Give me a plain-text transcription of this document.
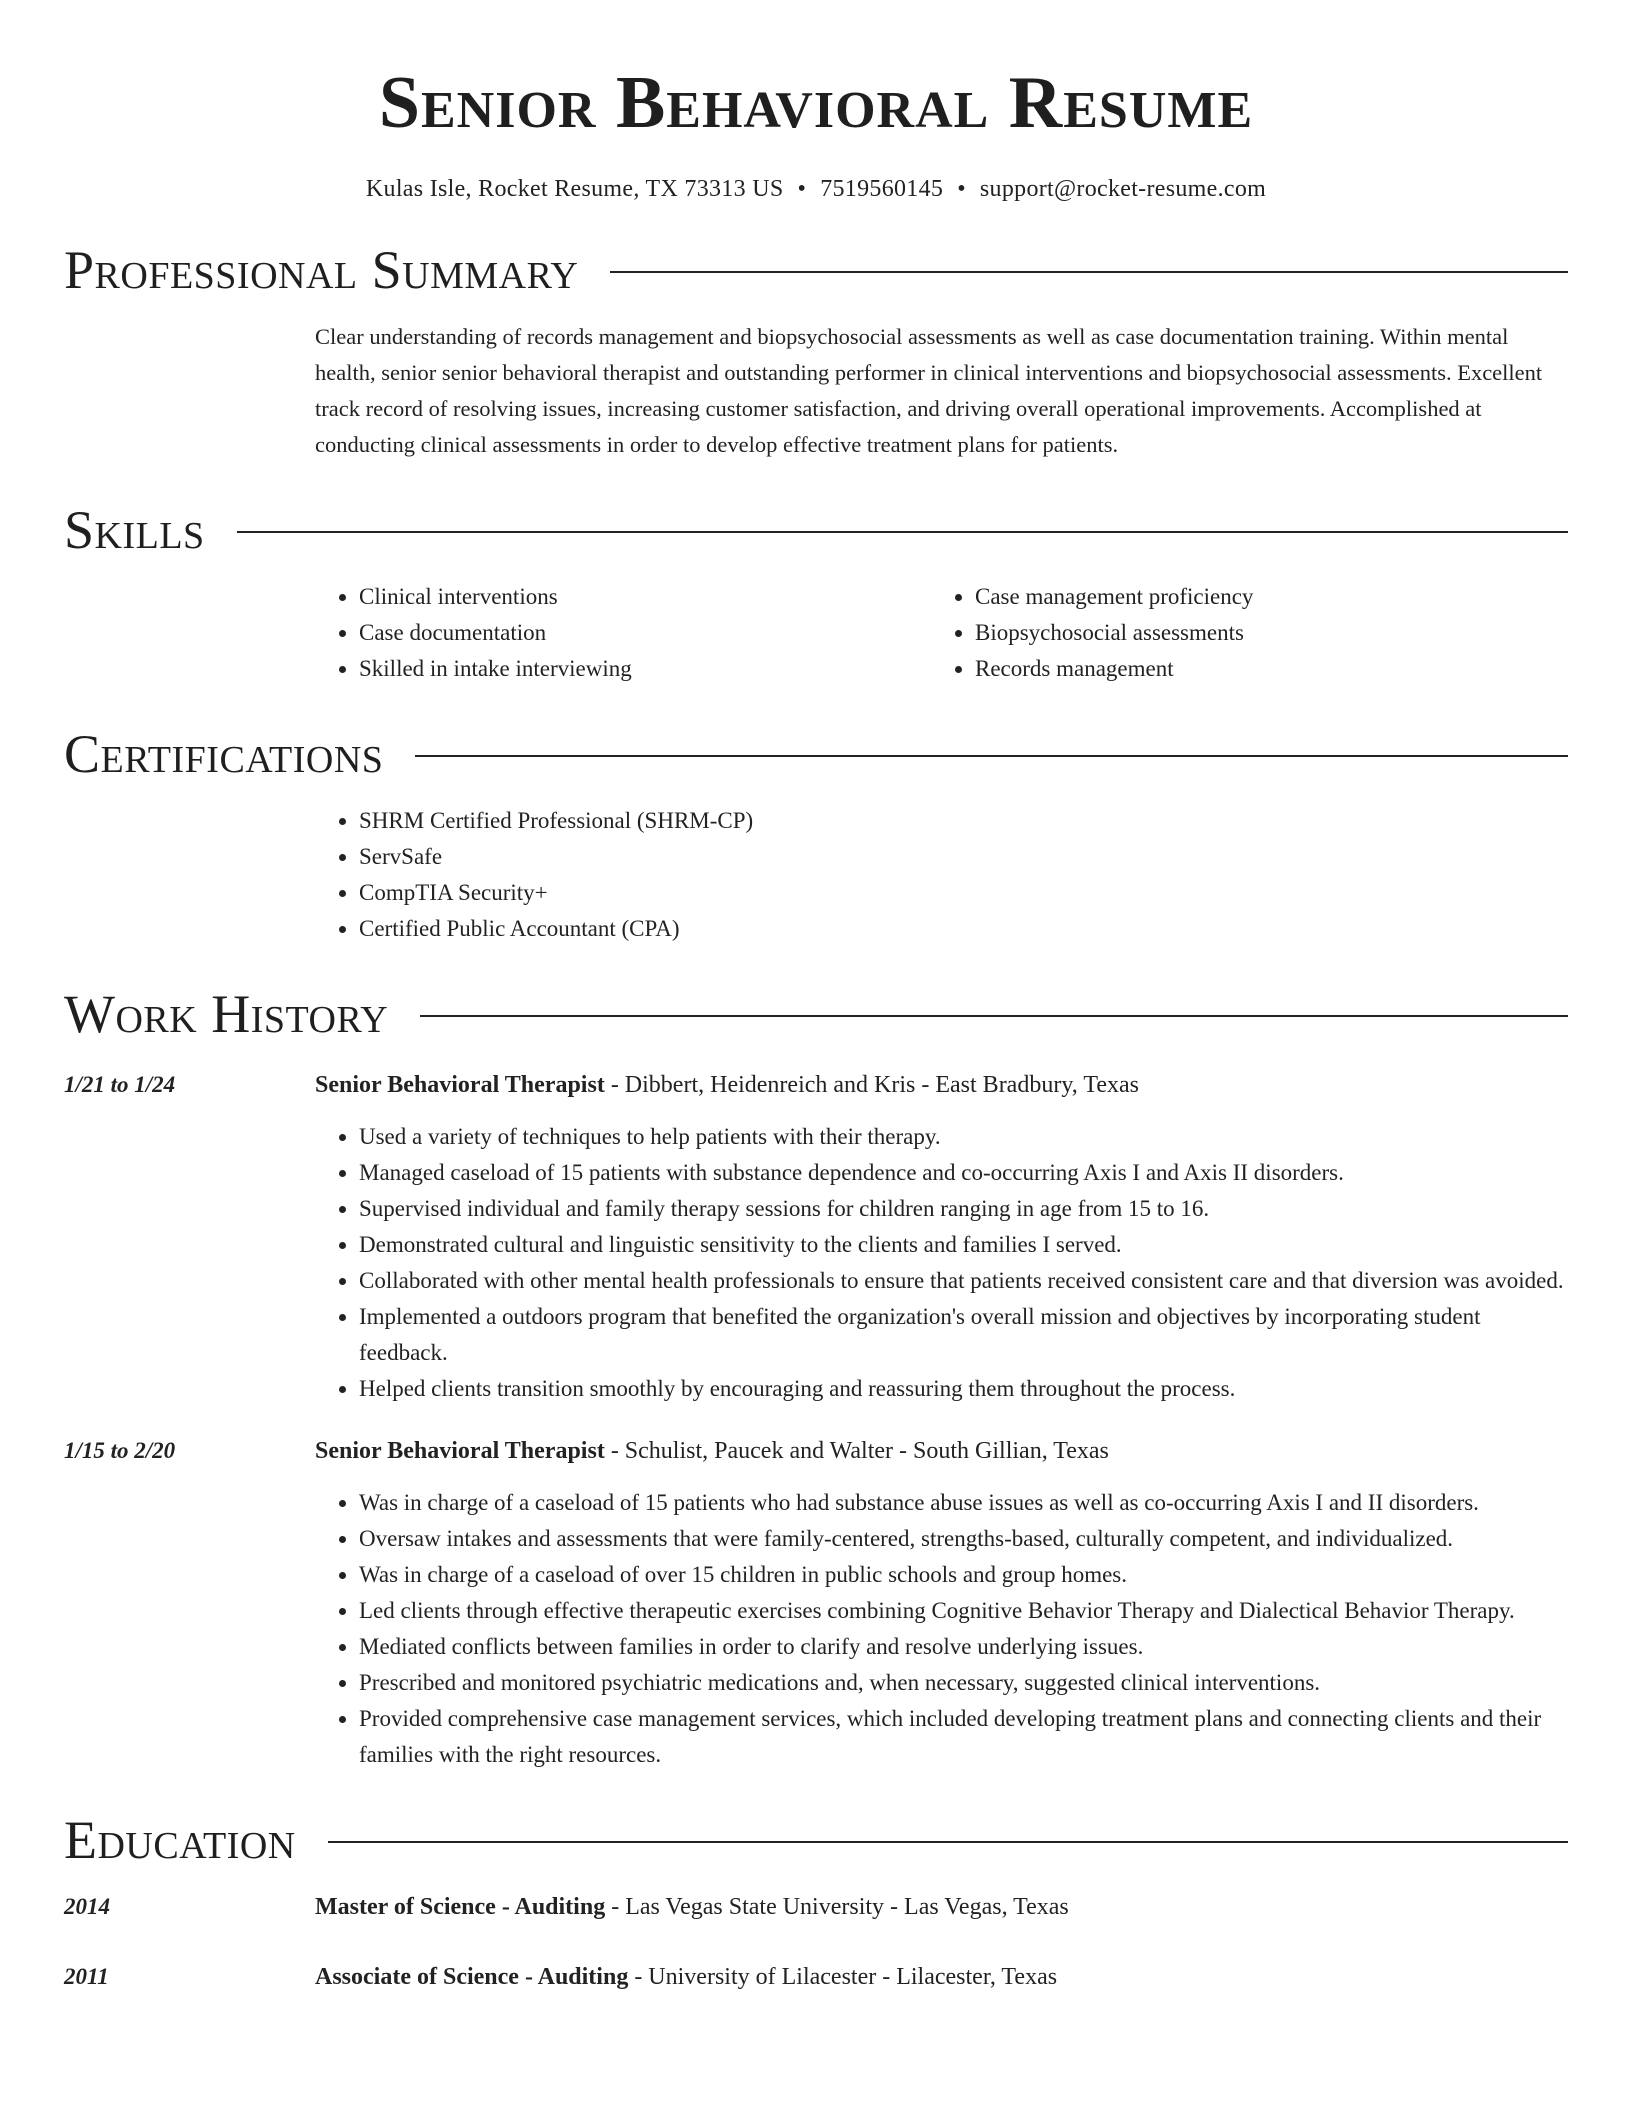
Senior Behavioral Resume
Kulas Isle, Rocket Resume, TX 73313 US • 7519560145 • support@rocket-resume.com
Professional Summary

Clear understanding of records management and biopsychosocial assessments as well as case documentation training. Within mental health, senior senior behavioral therapist and outstanding performer in clinical interventions and biopsychosocial assessments. Excellent track record of resolving issues, increasing customer satisfaction, and driving overall operational improvements. Accomplished at conducting clinical assessments in order to develop effective treatment plans for patients.

Skills
• Clinical interventions
• Case documentation
• Skilled in intake interviewing
• Case management proficiency
• Biopsychosocial assessments
• Records management
Certifications
• SHRM Certified Professional (SHRM-CP)
• ServSafe
• CompTIA Security+
• Certified Public Accountant (CPA)
Work History
1/21 to 1/24	Senior Behavioral Therapist - Dibbert, Heidenreich and Kris - East Bradbury, Texas
• Used a variety of techniques to help patients with their therapy.
• Managed caseload of 15 patients with substance dependence and co-occurring Axis I and Axis II disorders.
• Supervised individual and family therapy sessions for children ranging in age from 15 to 16.
• Demonstrated cultural and linguistic sensitivity to the clients and families I served.
• Collaborated with other mental health professionals to ensure that patients received consistent care and that diversion was avoided.
• Implemented a outdoors program that benefited the organization's overall mission and objectives by incorporating student feedback.
• Helped clients transition smoothly by encouraging and reassuring them throughout the process.
1/15 to 2/20	Senior Behavioral Therapist - Schulist, Paucek and Walter - South Gillian, Texas
• Was in charge of a caseload of 15 patients who had substance abuse issues as well as co-occurring Axis I and II disorders.
• Oversaw intakes and assessments that were family-centered, strengths-based, culturally competent, and individualized.
• Was in charge of a caseload of over 15 children in public schools and group homes.
• Led clients through effective therapeutic exercises combining Cognitive Behavior Therapy and Dialectical Behavior Therapy.
• Mediated conflicts between families in order to clarify and resolve underlying issues.
• Prescribed and monitored psychiatric medications and, when necessary, suggested clinical interventions.
• Provided comprehensive case management services, which included developing treatment plans and connecting clients and their families with the right resources.
Education
2014	Master of Science - Auditing - Las Vegas State University - Las Vegas, Texas
2011	Associate of Science - Auditing - University of Lilacester - Lilacester, Texas
